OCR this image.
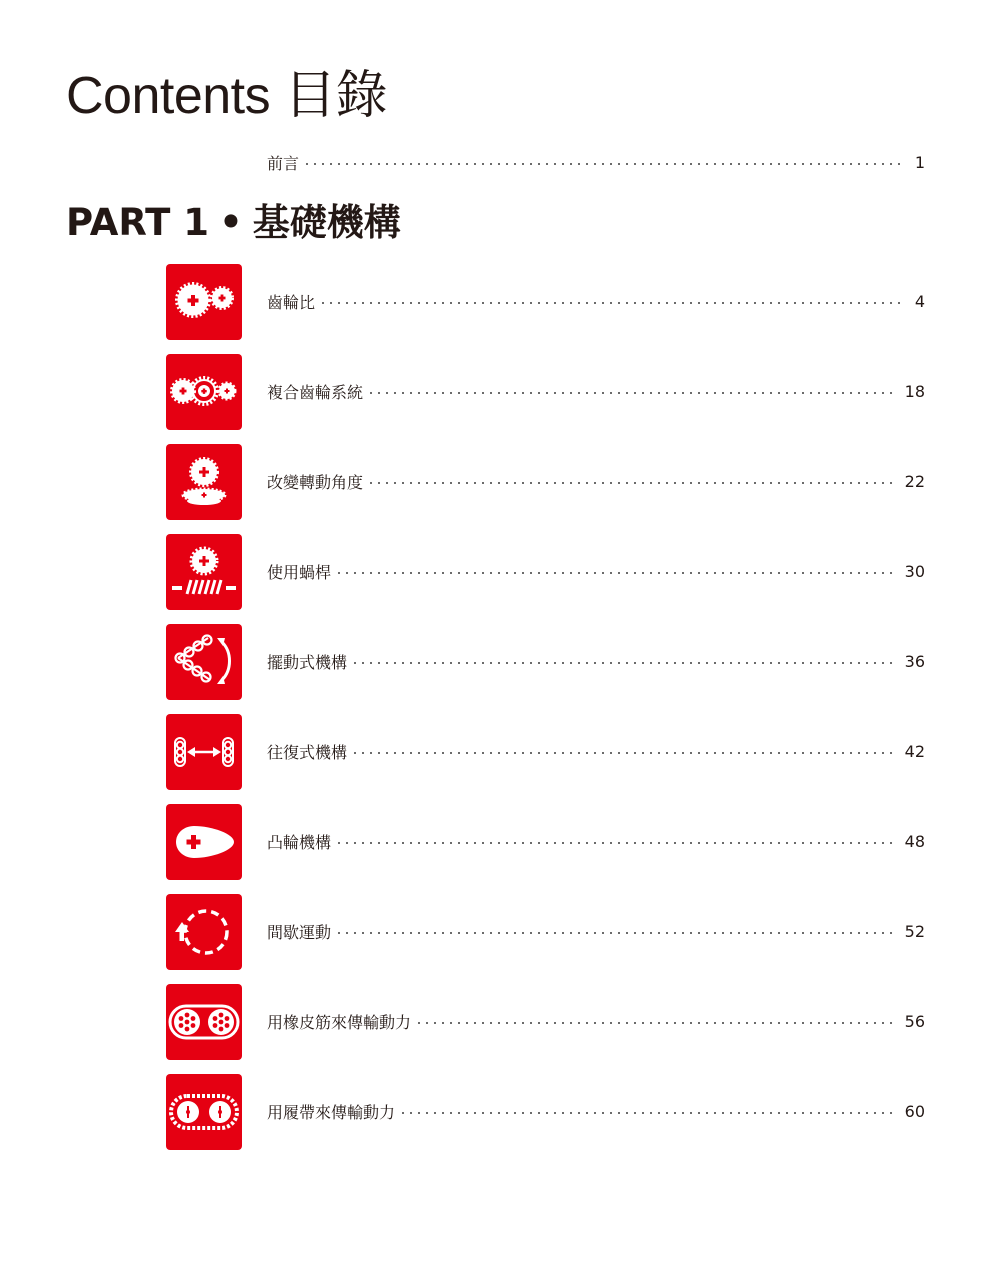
Contents 目錄
前言	1
PART 1 • 基礎機構
齒輪比	4
複合齒輪系統	18
改變轉動角度	22
使用蝸桿	30
擺動式機構	36
往復式機構	42
凸輪機構	48
間歇運動	52
用橡皮筋來傳輸動力	56
用履帶來傳輸動力	60
